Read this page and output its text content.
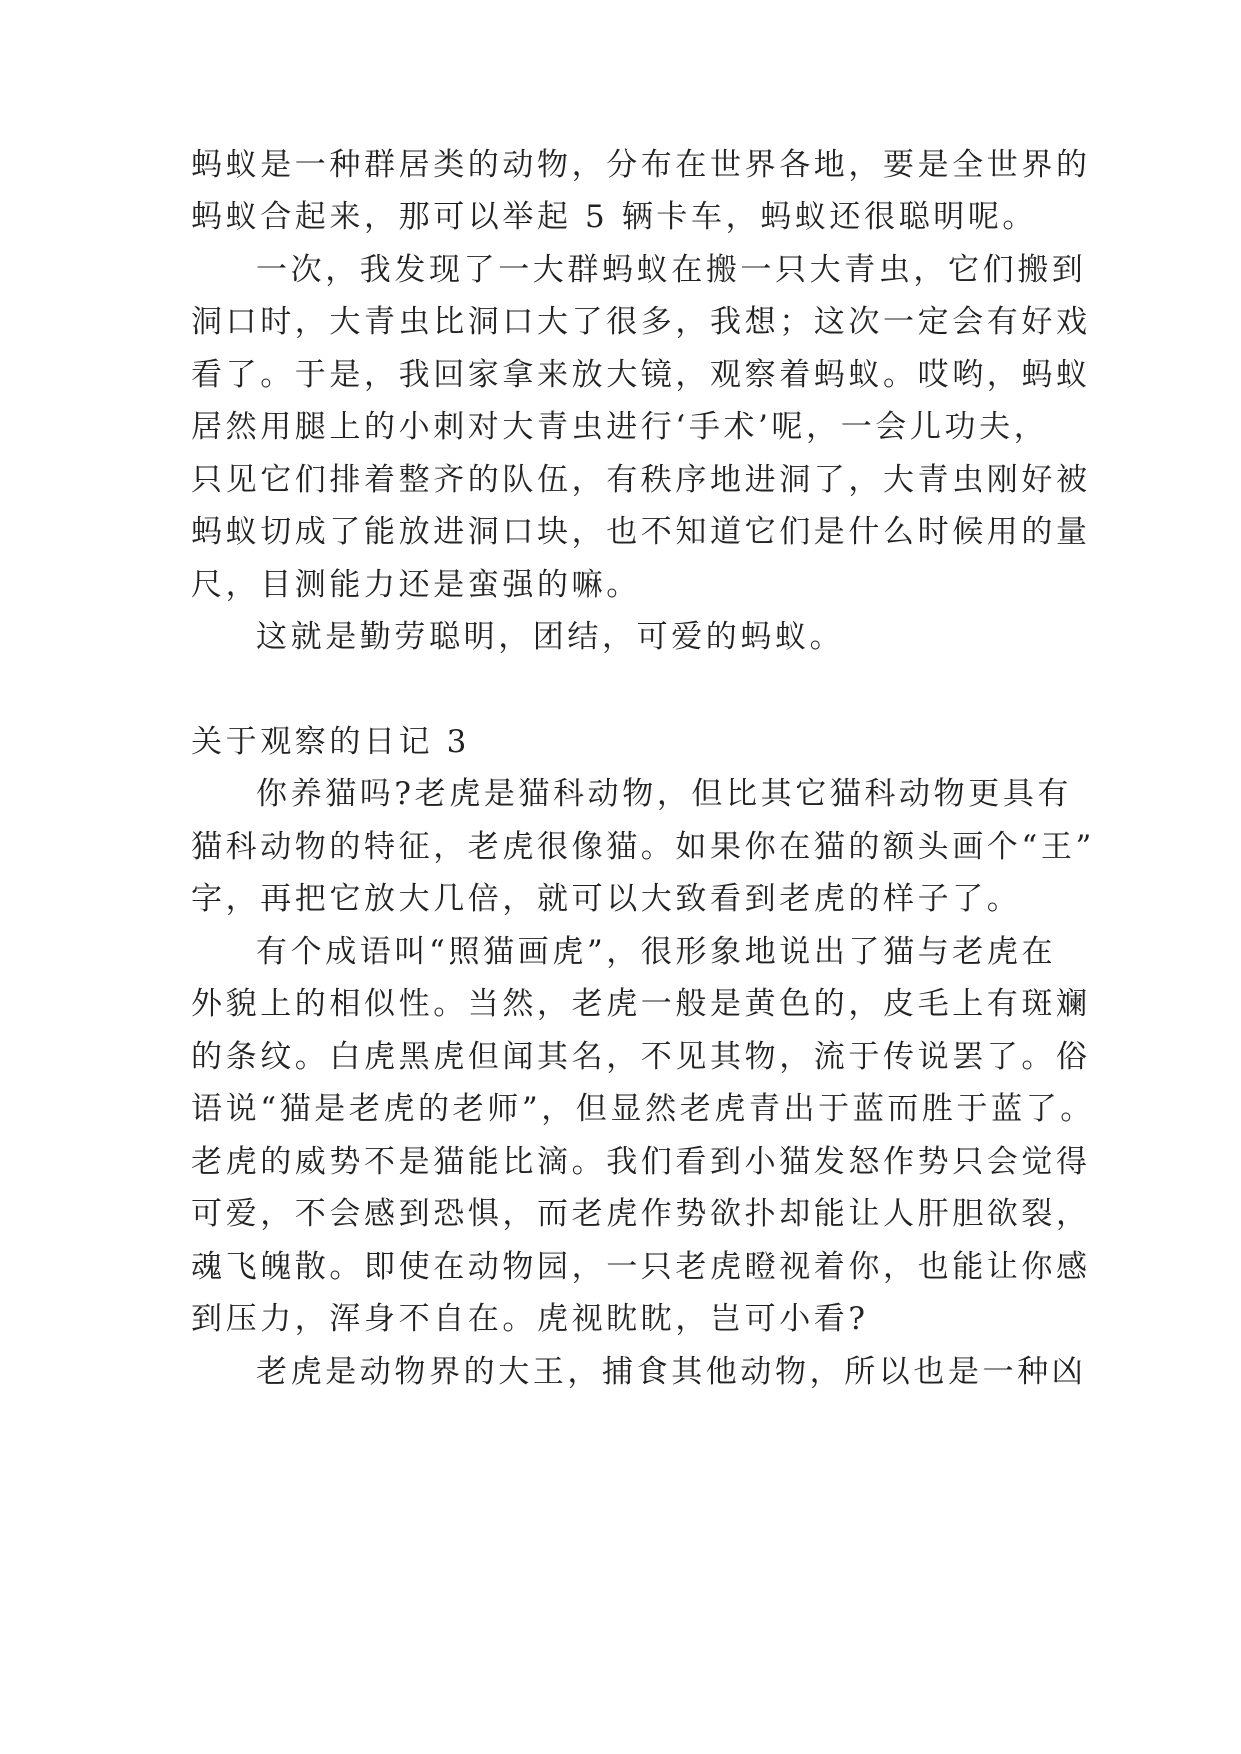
蚂蚁是一种群居类的动物，分布在世界各地，要是全世界的
蚂蚁合起来，那可以举起 5 辆卡车，蚂蚁还很聪明呢。
一次，我发现了一大群蚂蚁在搬一只大青虫，它们搬到
洞口时，大青虫比洞口大了很多，我想；这次一定会有好戏
看了。于是，我回家拿来放大镜，观察着蚂蚁。哎哟，蚂蚁
居然用腿上的小刺对大青虫进行‘手术’呢，一会儿功夫，
只见它们排着整齐的队伍，有秩序地进洞了，大青虫刚好被
蚂蚁切成了能放进洞口块，也不知道它们是什么时候用的量
尺，目测能力还是蛮强的嘛。
这就是勤劳聪明，团结，可爱的蚂蚁。
关于观察的日记 3
你养猫吗?老虎是猫科动物，但比其它猫科动物更具有
猫科动物的特征，老虎很像猫。如果你在猫的额头画个“王”
字，再把它放大几倍，就可以大致看到老虎的样子了。
有个成语叫“照猫画虎”，很形象地说出了猫与老虎在
外貌上的相似性。当然，老虎一般是黄色的，皮毛上有斑斓
的条纹。白虎黑虎但闻其名，不见其物，流于传说罢了。俗
语说“猫是老虎的老师”，但显然老虎青出于蓝而胜于蓝了。
老虎的威势不是猫能比滴。我们看到小猫发怒作势只会觉得
可爱，不会感到恐惧，而老虎作势欲扑却能让人肝胆欲裂，
魂飞魄散。即使在动物园，一只老虎瞪视着你，也能让你感
到压力，浑身不自在。虎视眈眈，岂可小看?
老虎是动物界的大王，捕食其他动物，所以也是一种凶
